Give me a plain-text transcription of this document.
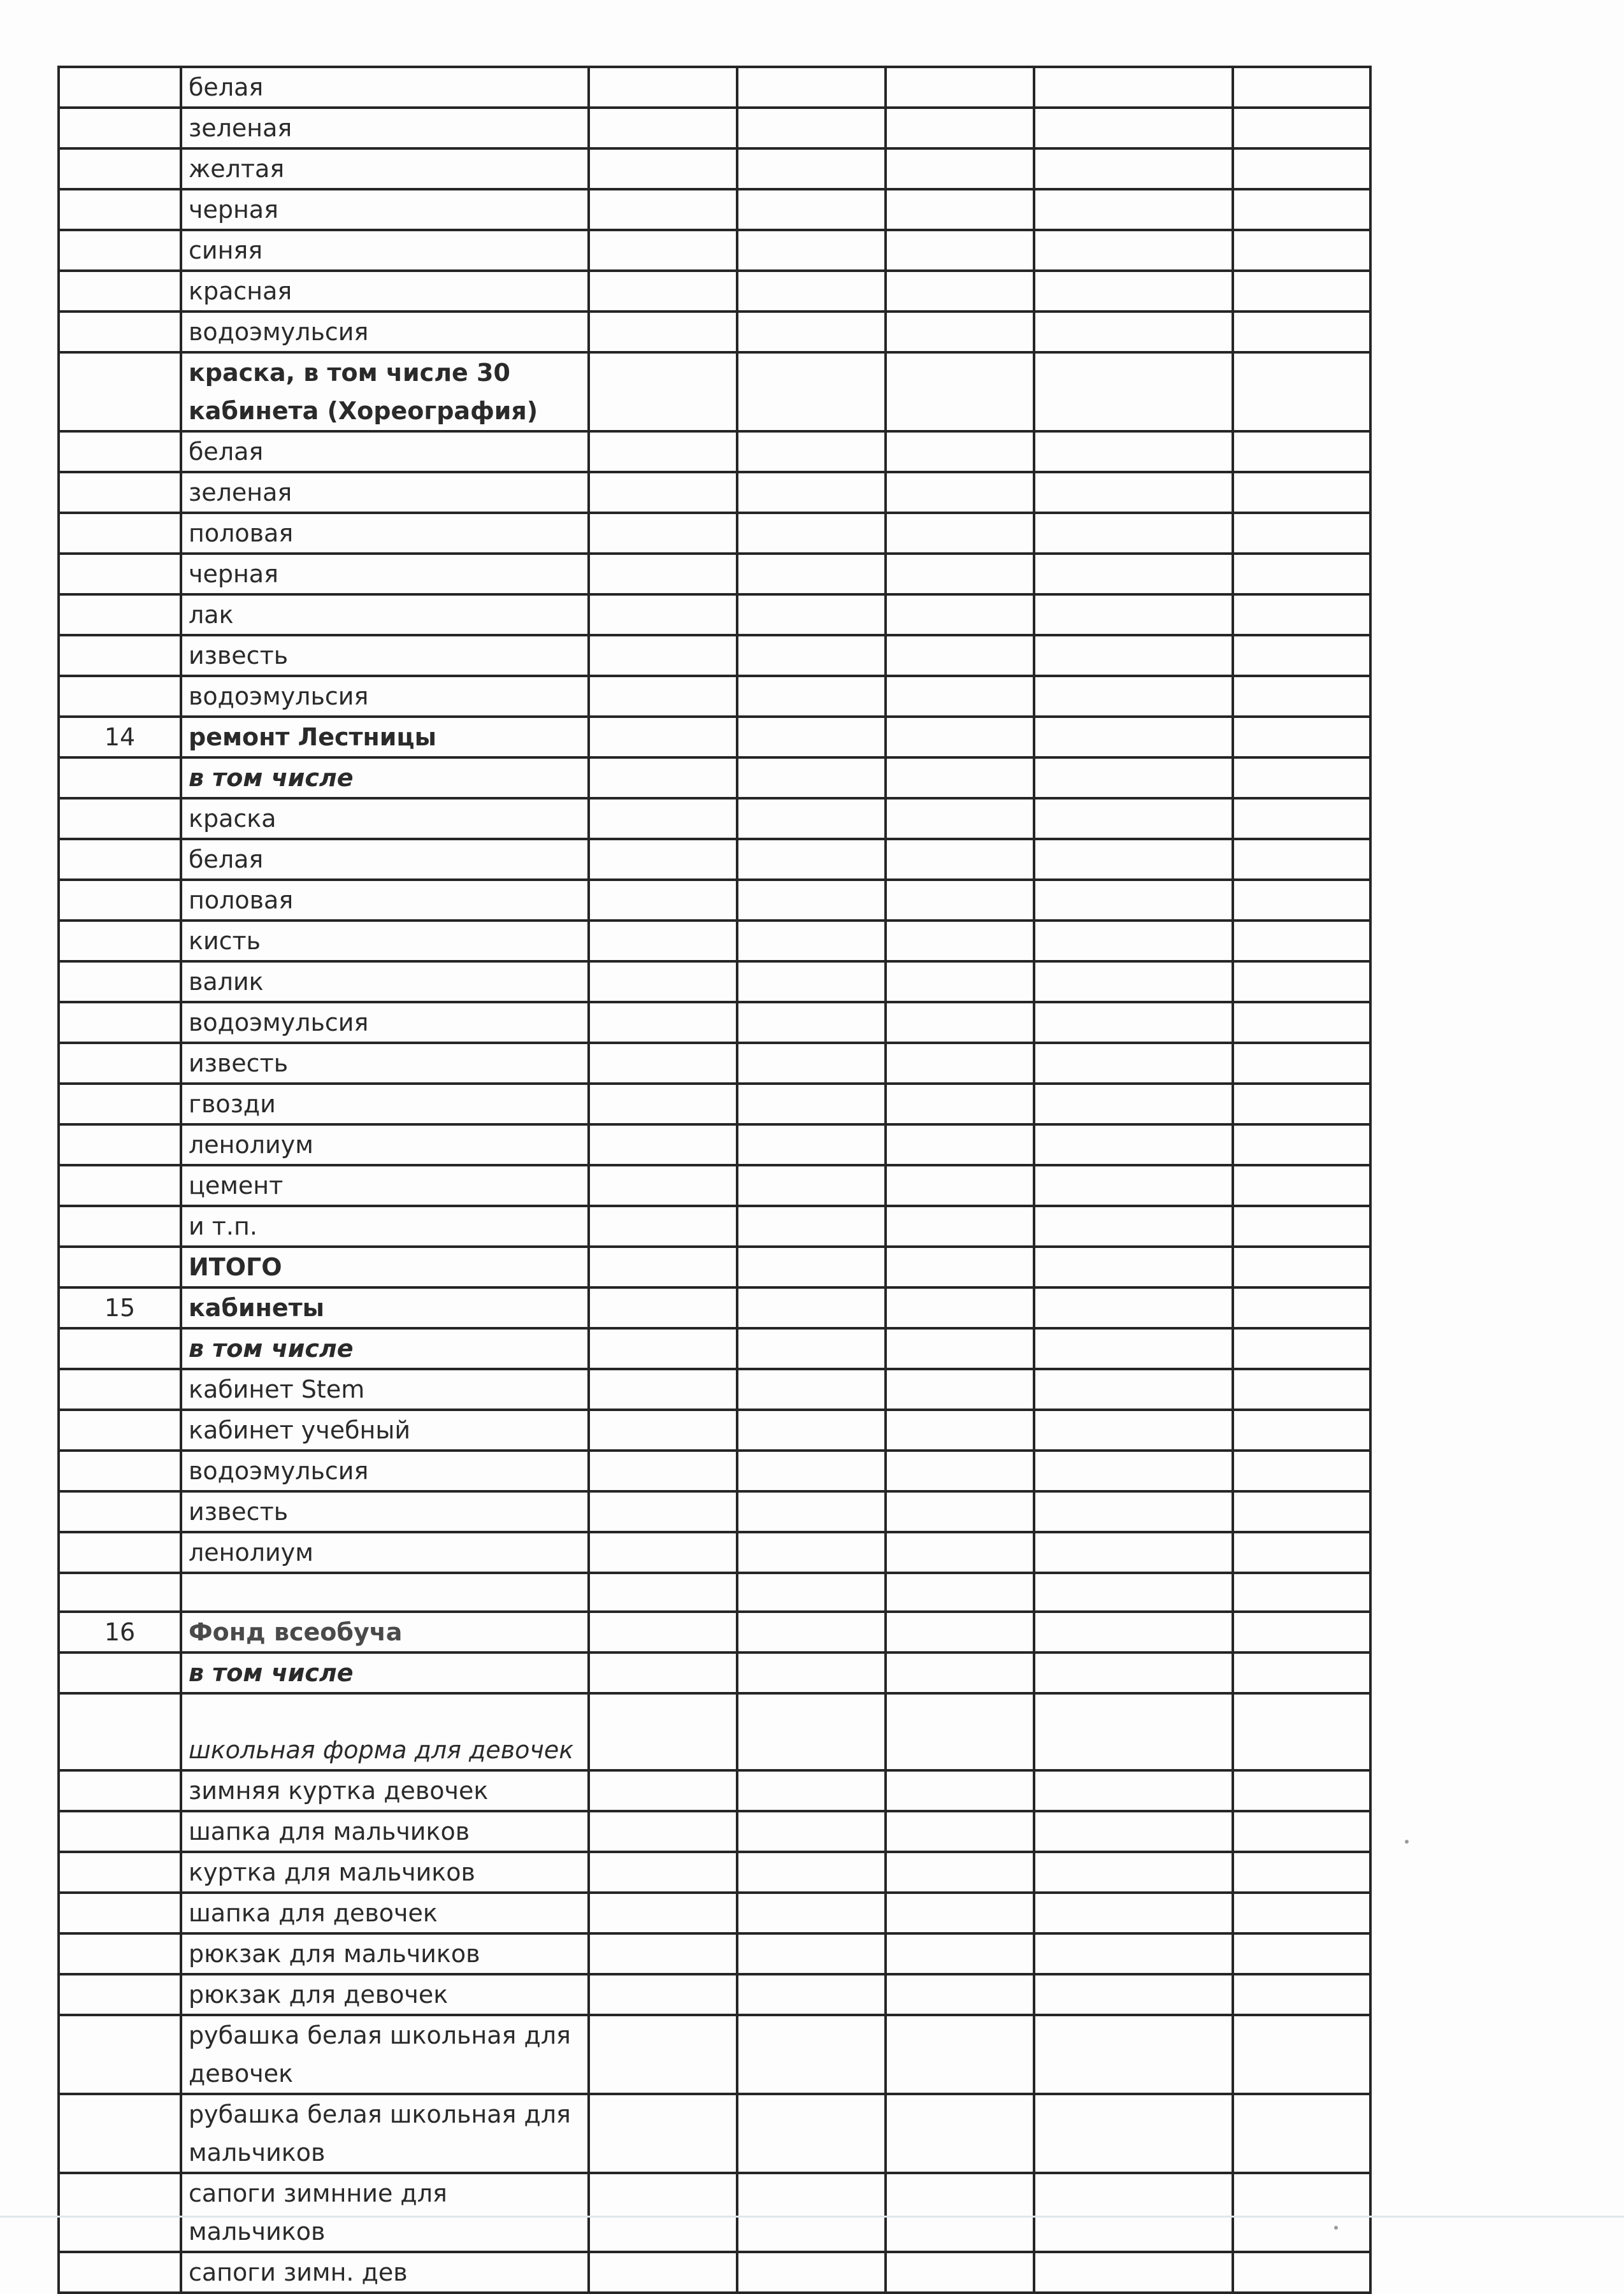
	белая					
	зеленая					
	желтая					
	черная					
	синяя					
	красная					
	водоэмульсия					
	краска, в том числе 30 кабинета (Хореография)					
	белая					
	зеленая					
	половая					
	черная					
	лак					
	известь					
	водоэмульсия					
14	ремонт Лестницы					
	в том числе					
	краска					
	белая					
	половая					
	кисть					
	валик					
	водоэмульсия					
	известь					
	гвозди					
	ленолиум					
	цемент					
	и т.п.					
	ИТОГО					
15	кабинеты					
	в том числе					
	кабинет Stem					
	кабинет учебный					
	водоэмульсия					
	известь					
	ленолиум					

16	Фонд всеобуча					
	в том числе					
	школьная форма для девочек					
	зимняя куртка девочек					
	шапка для мальчиков					
	куртка для мальчиков					
	шапка для девочек					
	рюкзак для мальчиков					
	рюкзак для девочек					
	рубашка белая школьная для девочек					
	рубашка белая школьная для мальчиков					
	сапоги зимнние для мальчиков					
	сапоги зимн. дев					
